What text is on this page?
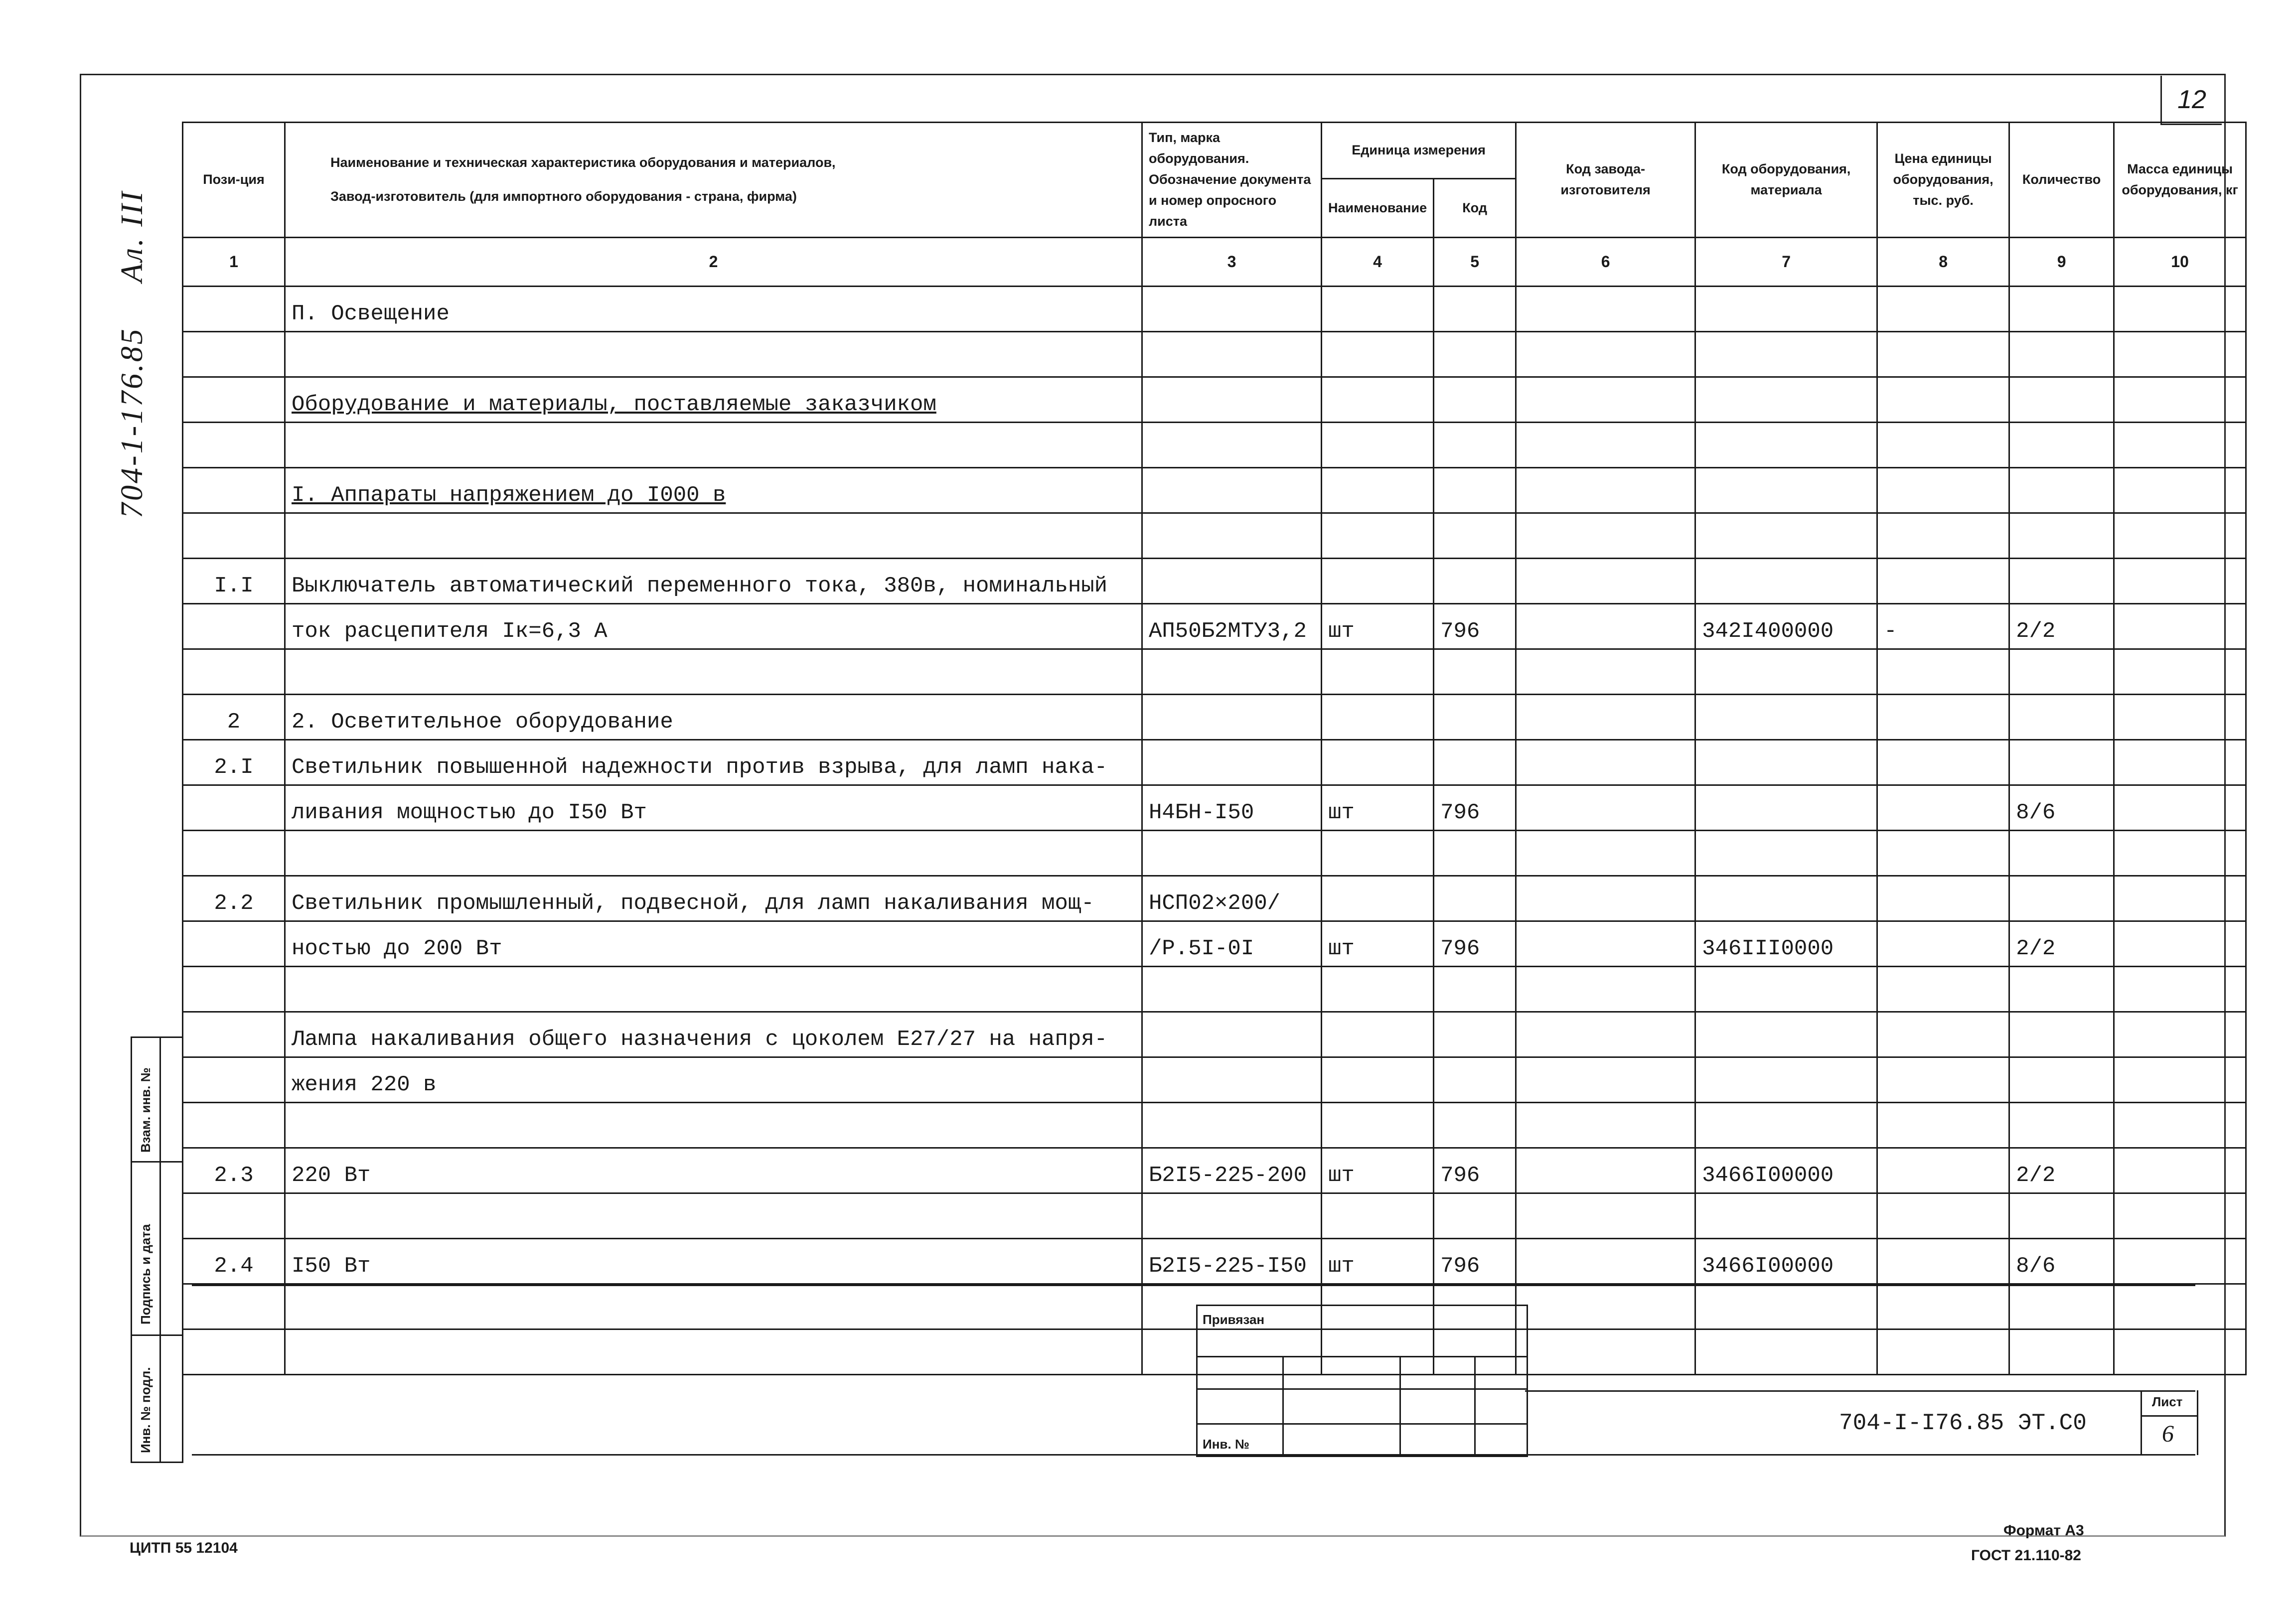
12
704-1-176.85 Ал. III
Пози-ция	Наименование и техническая характеристика оборудования и материалов,
Завод-изготовитель (для импортного оборудования - страна, фирма)	Тип, марка оборудования. Обозначение документа и номер опросного листа	Единица измерения		Код завода-изготовителя	Код оборудования, материала	Цена единицы оборудования, тыс. руб.	Количество	Масса единицы оборудования, кг
			Наименование	Код					
1	2	3	4	5	6	7	8	9	10
	П. Освещение								

	Оборудование и материалы, поставляемые заказчиком								

	I. Аппараты напряжением до I000 в								

I.I	Выключатель автоматический переменного тока, 380в, номинальный								
	ток расцепителя Iк=6,3 А	АП50Б2МТУ3,2	шт	796		342I400000	-	2/2	

2	2. Осветительное оборудование								
2.I	Светильник повышенной надежности против взрыва, для ламп нака-								
	ливания мощностью до I50 Вт	Н4БН-I50	шт	796				8/6	

2.2	Светильник промышленный, подвесной, для ламп накаливания мощ-	НСП02×200/							
	ностью до 200 Вт	/Р.5I-0I	шт	796		346III0000		2/2	

	Лампа накаливания общего назначения с цоколем Е27/27 на напря-								
	жения 220 в								

2.3	220 Вт	Б2I5-225-200	шт	796		3466I00000		2/2	

2.4	I50 Вт	Б2I5-225-I50	шт	796		3466I00000		8/6	

Взам. инв. №
Подпись и дата
Инв. № подл.
Привязан
Инв. №
704-I-I76.85 ЭТ.С0
Лист
6
ЦИТП 55 12104
Формат А3
ГОСТ 21.110-82
